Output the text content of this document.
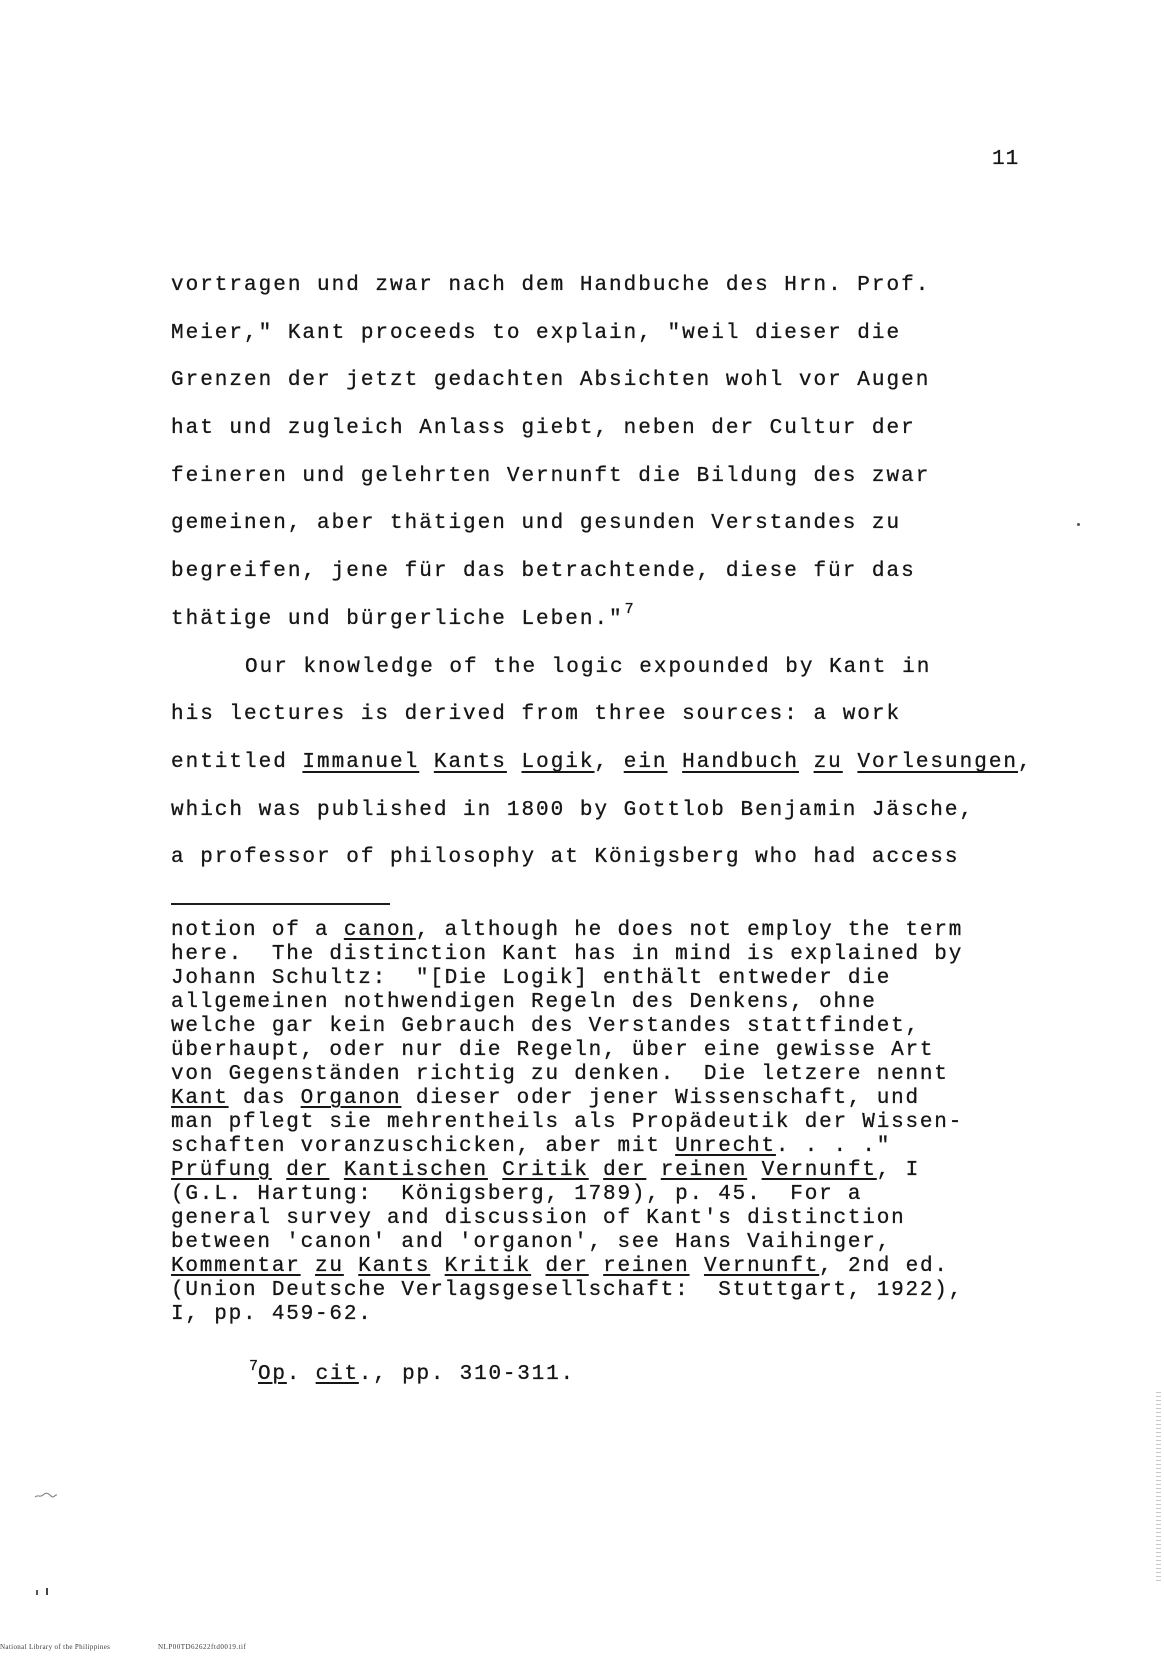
11
vortragen und zwar nach dem Handbuche des Hrn. Prof.
Meier," Kant proceeds to explain, "weil dieser die
Grenzen der jetzt gedachten Absichten wohl vor Augen
hat und zugleich Anlass giebt, neben der Cultur der
feineren und gelehrten Vernunft die Bildung des zwar
gemeinen, aber thätigen und gesunden Verstandes zu
begreifen, jene für das betrachtende, diese für das
thätige und bürgerliche Leben."$^7$
Our knowledge of the logic expounded by Kant in
his lectures is derived from three sources: a work
entitled Immanuel Kants Logik, ein Handbuch zu Vorlesungen,
which was published in 1800 by Gottlob Benjamin Jäsche,
a professor of philosophy at Königsberg who had access
notion of a canon, although he does not employ the term
here.  The distinction Kant has in mind is explained by
Johann Schultz:  "[Die Logik] enthält entweder die
allgemeinen nothwendigen Regeln des Denkens, ohne
welche gar kein Gebrauch des Verstandes stattfindet,
überhaupt, oder nur die Regeln, über eine gewisse Art
von Gegenständen richtig zu denken.  Die letzere nennt
Kant das Organon dieser oder jener Wissenschaft, und
man pflegt sie mehrentheils als Propädeutik der Wissen-
schaften voranzuschicken, aber mit Unrecht. . . ."
Prüfung der Kantischen Critik der reinen Vernunft, I
(G.L. Hartung:  Königsberg, 1789), p. 45.  For a
general survey and discussion of Kant's distinction
between 'canon' and 'organon', see Hans Vaihinger,
Kommentar zu Kants Kritik der reinen Vernunft, 2nd ed.
(Union Deutsche Verlagsgesellschaft:  Stuttgart, 1922),
I, pp. 459-62.
$^7$Op. cit., pp. 310-311.

National Library of the Philippines

	NLP00TD62622ftd0019.tif
